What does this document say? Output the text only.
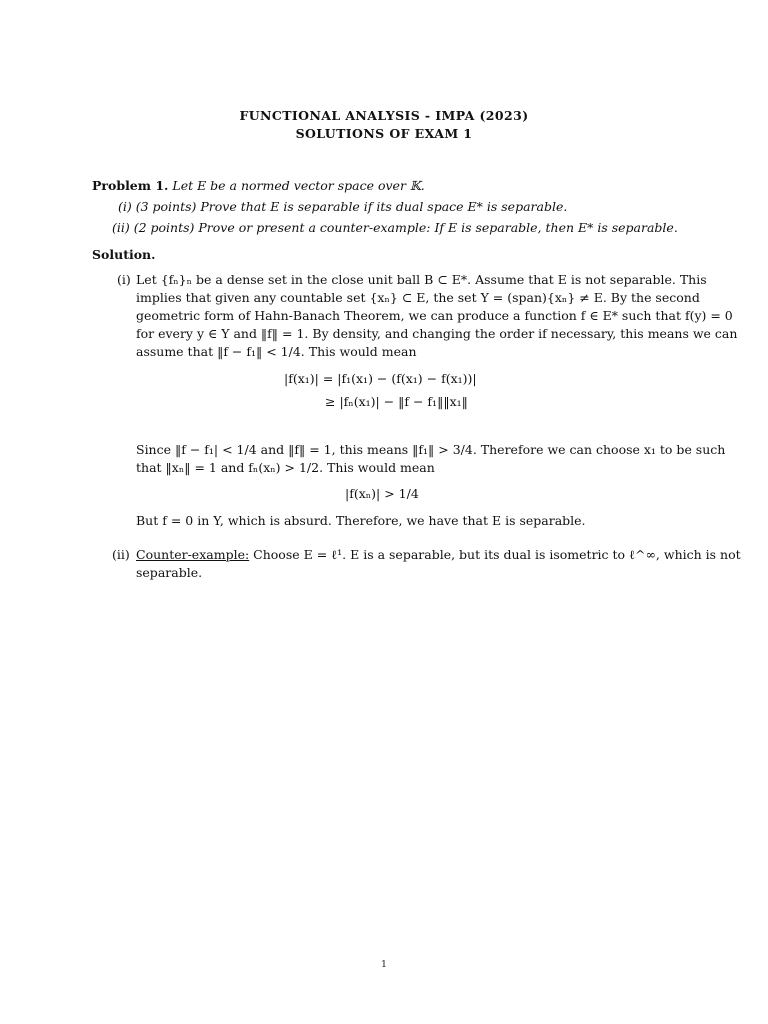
FUNCTIONAL ANALYSIS - IMPA (2023)
SOLUTIONS OF EXAM 1
Problem 1. Let E be a normed vector space over 𝕂.
(i) (3 points) Prove that E is separable if its dual space E* is separable.
(ii) (2 points) Prove or present a counter-example: If E is separable, then E* is separable.
Solution.
(i) Let {fₙ}ₙ be a dense set in the close unit ball B ⊂ E*. Assume that E is not separable. This
implies that given any countable set {xₙ} ⊂ E, the set Y = (span){xₙ} ≠ E. By the second
geometric form of Hahn-Banach Theorem, we can produce a function f ∈ E* such that f(y) = 0
for every y ∈ Y and ‖f‖ = 1. By density, and changing the order if necessary, this means we can
assume that ‖f − f₁‖ < 1/4. This would mean
|f(x₁)| = |f₁(x₁) − (f(x₁) − f(x₁))|
≥ |fₙ(x₁)| − ‖f − f₁‖‖x₁‖
Since ‖f − f₁| < 1/4 and ‖f‖ = 1, this means ‖f₁‖ > 3/4. Therefore we can choose x₁ to be such
that ‖xₙ‖ = 1 and fₙ(xₙ) > 1/2. This would mean
|f(xₙ)| > 1/4
But f = 0 in Y, which is absurd. Therefore, we have that E is separable.
(ii) Counter-example: Choose E = ℓ¹. E is a separable, but its dual is isometric to ℓ^∞, which is not
separable.
1
